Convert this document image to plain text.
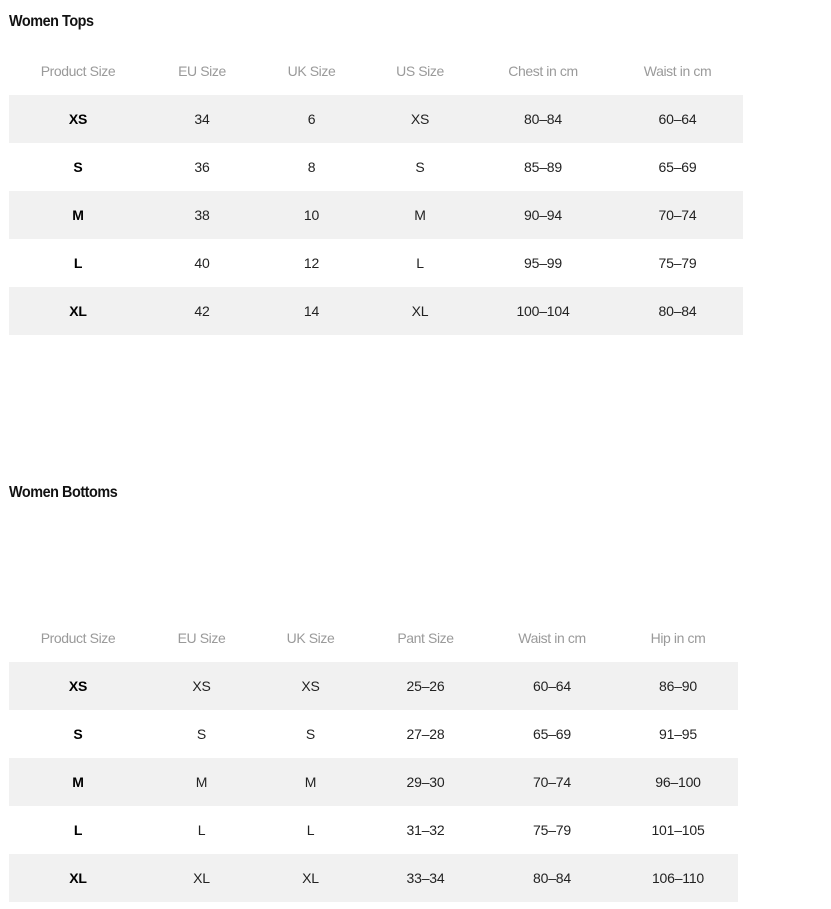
Women Tops
Product Size	EU Size	UK Size	US Size	Chest in cm	Waist in cm
XS	34	6	XS	80–84	60–64
S	36	8	S	85–89	65–69
M	38	10	M	90–94	70–74
L	40	12	L	95–99	75–79
XL	42	14	XL	100–104	80–84
Women Bottoms
Product Size	EU Size	UK Size	Pant Size	Waist in cm	Hip in cm
XS	XS	XS	25–26	60–64	86–90
S	S	S	27–28	65–69	91–95
M	M	M	29–30	70–74	96–100
L	L	L	31–32	75–79	101–105
XL	XL	XL	33–34	80–84	106–110
